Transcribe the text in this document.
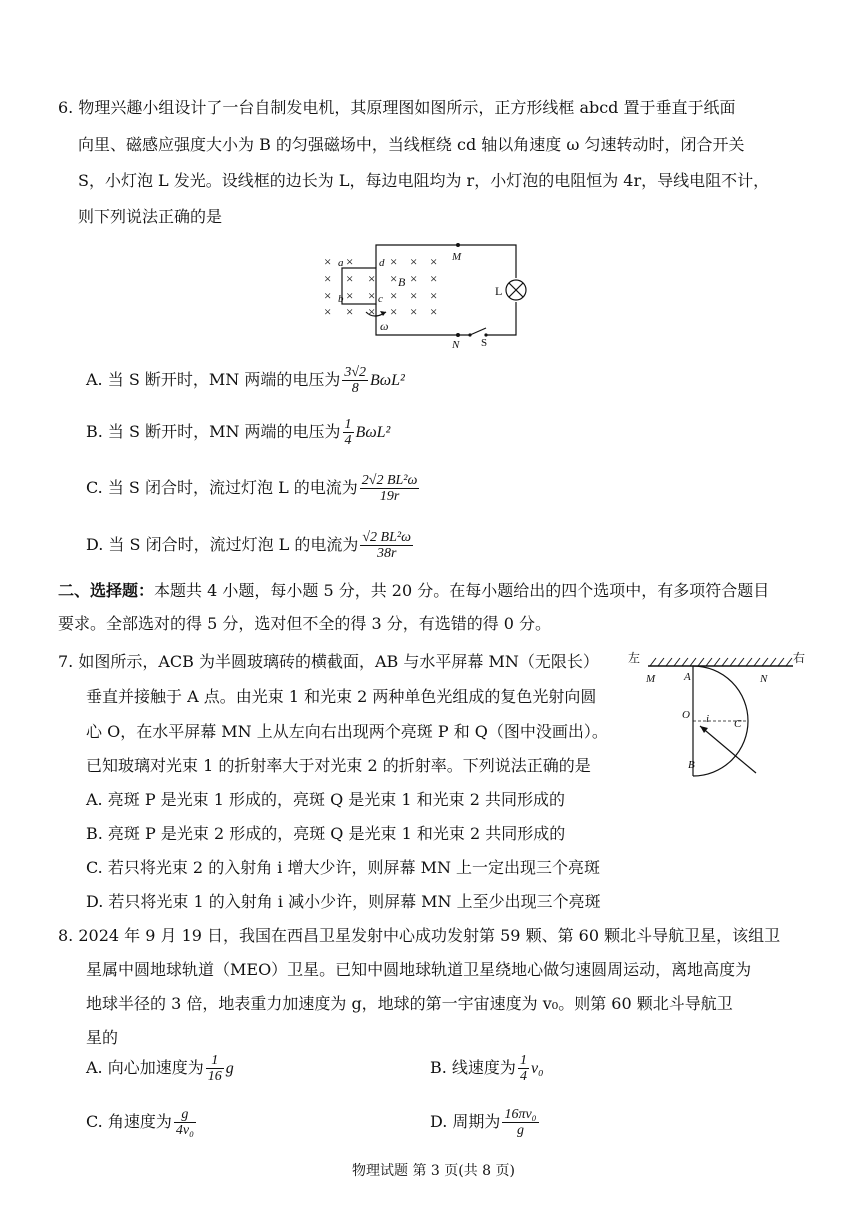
6. 物理兴趣小组设计了一台自制发电机，其原理图如图所示，正方形线框 abcd 置于垂直于纸面
向里、磁感应强度大小为 B 的匀强磁场中，当线框绕 cd 轴以角速度 ω 匀速转动时，闭合开关
S，小灯泡 L 发光。设线框的边长为 L，每边电阻均为 r，小灯泡的电阻恒为 4r，导线电阻不计，
则下列说法正确的是
× ×	× × ×
× × × × × ×
× × × × × ×
× × × × × ×
a
b	c
d
B
M
N
L
S
ω
A. 当 S 断开时，MN 两端的电压为 $\frac{3√2}{8} B\omega L^2$
B. 当 S 断开时，MN 两端的电压为 $\frac{1}{4} B\omega L^2$
C. 当 S 闭合时，流过灯泡 L 的电流为 $\frac{\text{2√2 BL²ω}}{19r}$
D. 当 S 闭合时，流过灯泡 L 的电流为 $\frac{\text{√2 BL²ω}}{38r}$
二、选择题：本题共 4 小题，每小题 5 分，共 20 分。在每小题给出的四个选项中，有多项符合题目
要求。全部选对的得 5 分，选对但不全的得 3 分，有选错的得 0 分。
7. 如图所示，ACB 为半圆玻璃砖的横截面，AB 与水平屏幕 MN（无限长）
垂直并接触于 A 点。由光束 1 和光束 2 两种单色光组成的复色光射向圆
心 O，在水平屏幕 MN 上从左向右出现两个亮斑 P 和 Q（图中没画出）。
已知玻璃对光束 1 的折射率大于对光束 2 的折射率。下列说法正确的是
A. 亮斑 P 是光束 1 形成的，亮斑 Q 是光束 1 和光束 2 共同形成的
B. 亮斑 P 是光束 2 形成的，亮斑 Q 是光束 1 和光束 2 共同形成的
C. 若只将光束 2 的入射角 i 增大少许，则屏幕 MN 上一定出现三个亮斑
D. 若只将光束 1 的入射角 i 减小少许，则屏幕 MN 上至少出现三个亮斑
左	右
M	N
A
O i C
B
8. 2024 年 9 月 19 日，我国在西昌卫星发射中心成功发射第 59 颗、第 60 颗北斗导航卫星，该组卫
星属中圆地球轨道（MEO）卫星。已知中圆地球轨道卫星绕地心做匀速圆周运动，离地高度为
地球半径的 3 倍，地表重力加速度为 g，地球的第一宇宙速度为 v₀。则第 60 颗北斗导航卫
星的
A. 向心加速度为 $\frac{1}{16}$ g	B. 线速度为 $\frac{1}{4} v_0$
C. 角速度为 $\frac{g}{\text{4v₀}}$	D. 周期为 $\frac{\text{16πv₀}}{g}$
物理试题 第 3 页(共 8 页)
